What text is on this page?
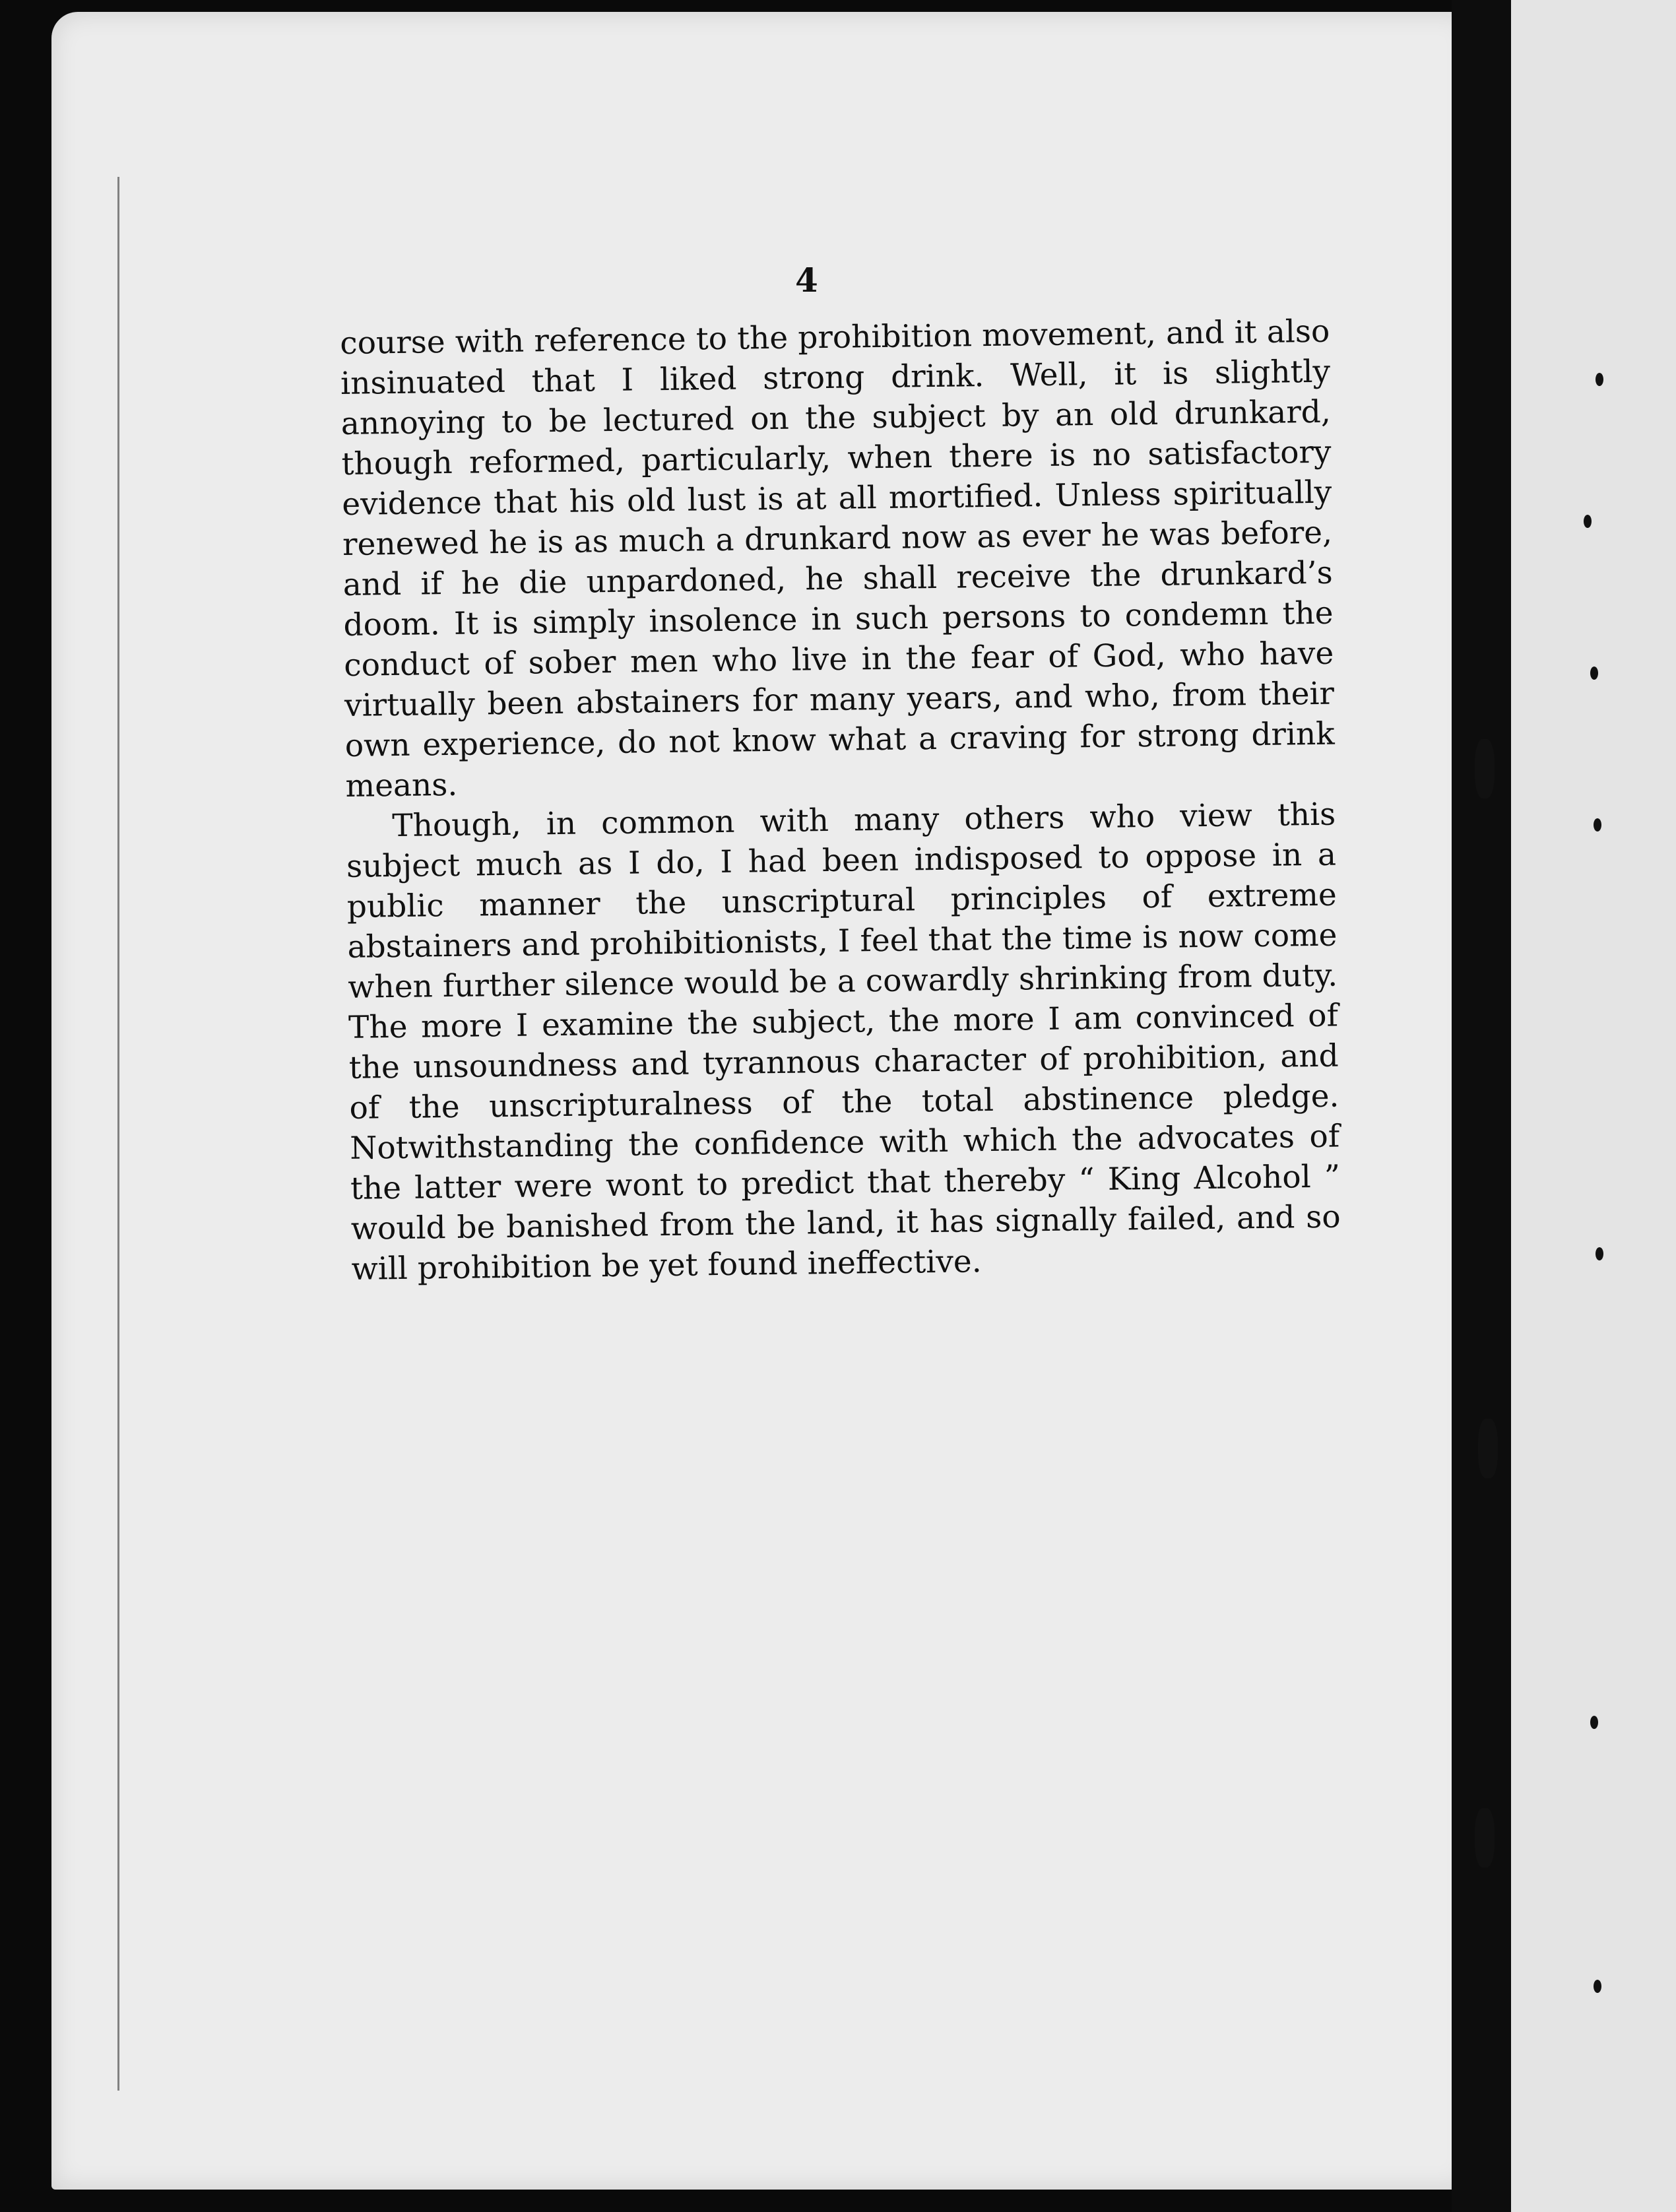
4

course with reference to the prohibition movement, and it also insinuated that I liked strong drink. Well, it is slightly annoying to be lectured on the subject by an old drunkard, though reformed, particularly, when there is no satisfactory evidence that his old lust is at all mortified. Unless spiritually renewed he is as much a drunkard now as ever he was before, and if he die unpardoned, he shall receive the drunkard’s doom. It is simply insolence in such persons to condemn the conduct of sober men who live in the fear of God, who have virtually been abstainers for many years, and who, from their own experience, do not know what a craving for strong drink means.

Though, in common with many others who view this subject much as I do, I had been indisposed to oppose in a public manner the unscriptural principles of extreme abstainers and prohibitionists, I feel that the time is now come when further silence would be a cowardly shrinking from duty. The more I examine the subject, the more I am convinced of the unsoundness and tyrannous character of prohibition, and of the unscripturalness of the total abstinence pledge. Notwithstanding the confidence with which the advocates of the latter were wont to predict that thereby “ King Alcohol ” would be banished from the land, it has signally failed, and so will prohibition be yet found ineffective.
